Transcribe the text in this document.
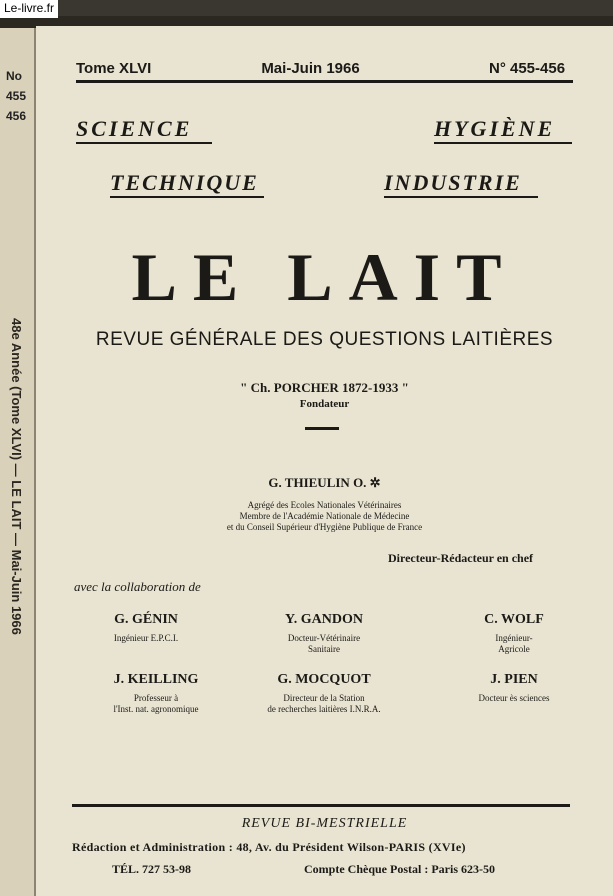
Le-livre.fr
No
455
456
48e Année (Tome XLVI) — LE LAIT — Mai-Juin 1966
Tome XLVI	Mai-Juin 1966	N° 455-456
SCIENCE	HYGIÈNE
TECHNIQUE	INDUSTRIE
LE LAIT
REVUE GÉNÉRALE DES QUESTIONS LAITIÈRES
" Ch. PORCHER 1872-1933 "
Fondateur
G. THIEULIN O. ✲
Agrégé des Ecoles Nationales Vétérinaires
Membre de l'Académie Nationale de Médecine
et du Conseil Supérieur d'Hygiène Publique de France
Directeur-Rédacteur en chef
avec la collaboration de
G. GÉNIN
Ingénieur E.P.C.I.
Y. GANDON
Docteur-Vétérinaire
Sanitaire
C. WOLF
Ingénieur-
Agricole
J. KEILLING
Professeur à
l'Inst. nat. agronomique
G. MOCQUOT
Directeur de la Station
de recherches laitières I.N.R.A.
J. PIEN
Docteur ès sciences
REVUE BI-MESTRIELLE
Rédaction et Administration : 48, Av. du Président Wilson-PARIS (XVIe)
TÉL. 727 53-98	Compte Chèque Postal : Paris 623-50
